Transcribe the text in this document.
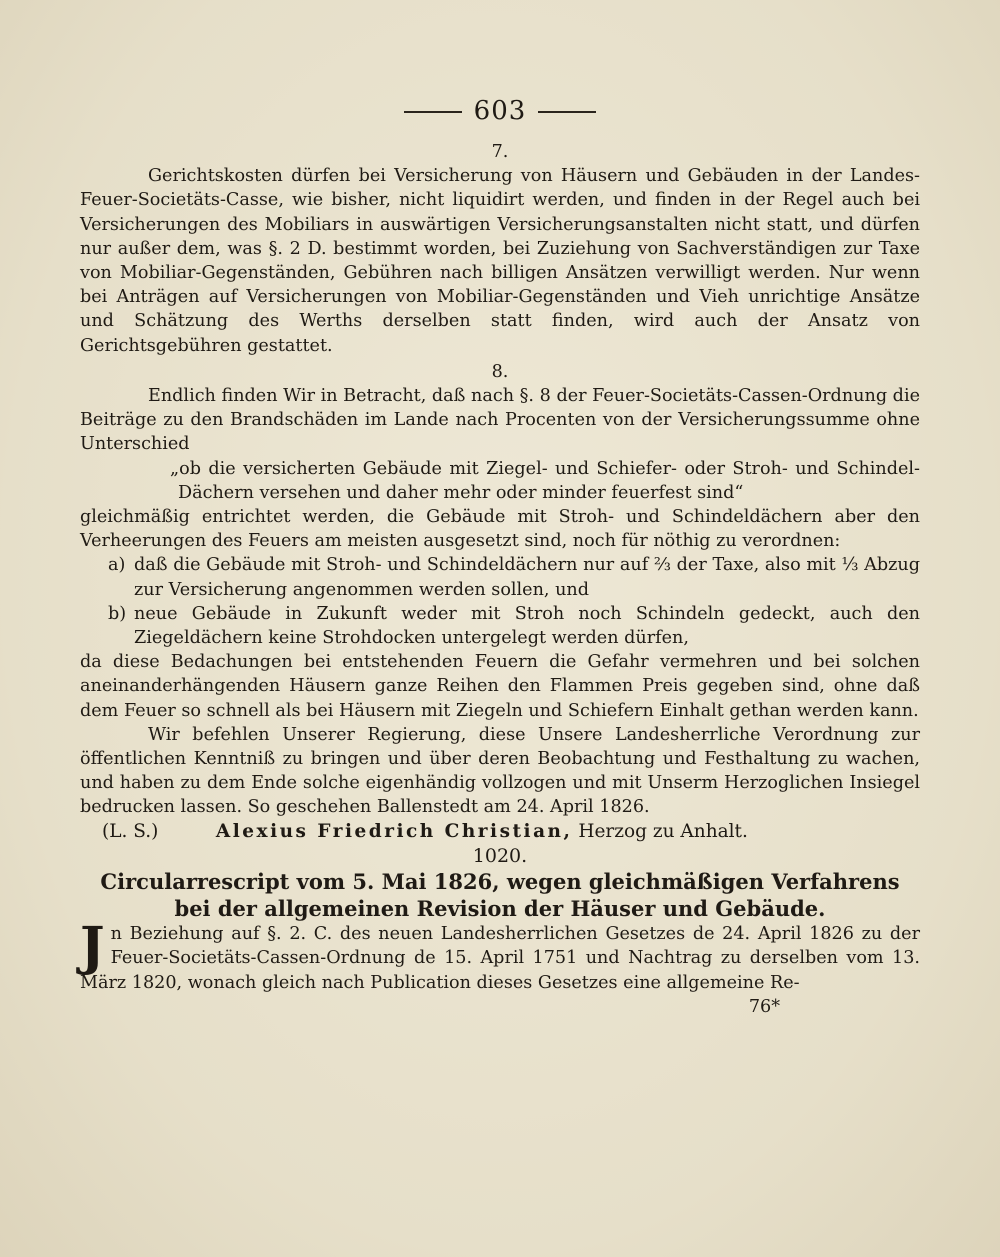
603

7.

Gerichtskosten dürfen bei Versicherung von Häusern und Gebäuden in der Landes-Feuer-Societäts-Casse, wie bisher, nicht liquidirt werden, und finden in der Regel auch bei Versicherungen des Mobiliars in auswärtigen Versicherungsanstalten nicht statt, und dürfen nur außer dem, was §. 2 D. bestimmt worden, bei Zuziehung von Sachverständigen zur Taxe von Mobiliar-Gegenständen, Gebühren nach billigen Ansätzen verwilligt werden. Nur wenn bei Anträgen auf Versicherungen von Mobiliar-Gegenständen und Vieh unrichtige Ansätze und Schätzung des Werths derselben statt finden, wird auch der Ansatz von Gerichtsgebühren gestattet.

8.

Endlich finden Wir in Betracht, daß nach §. 8 der Feuer-Societäts-Cassen-Ordnung die Beiträge zu den Brandschäden im Lande nach Procenten von der Versicherungssumme ohne Unterschied

„ob die versicherten Gebäude mit Ziegel- und Schiefer- oder Stroh- und Schindel-Dächern versehen und daher mehr oder minder feuerfest sind“

gleichmäßig entrichtet werden, die Gebäude mit Stroh- und Schindeldächern aber den Verheerungen des Feuers am meisten ausgesetzt sind, noch für nöthig zu verordnen:

a) daß die Gebäude mit Stroh- und Schindeldächern nur auf ⅔ der Taxe, also mit ⅓ Abzug zur Versicherung angenommen werden sollen, und
b) neue Gebäude in Zukunft weder mit Stroh noch Schindeln gedeckt, auch den Ziegeldächern keine Strohdocken untergelegt werden dürfen,

da diese Bedachungen bei entstehenden Feuern die Gefahr vermehren und bei solchen aneinanderhängenden Häusern ganze Reihen den Flammen Preis gegeben sind, ohne daß dem Feuer so schnell als bei Häusern mit Ziegeln und Schiefern Einhalt gethan werden kann.

Wir befehlen Unserer Regierung, diese Unsere Landesherrliche Verordnung zur öffentlichen Kenntniß zu bringen und über deren Beobachtung und Festhaltung zu wachen, und haben zu dem Ende solche eigenhändig vollzogen und mit Unserm Herzoglichen Insiegel bedrucken lassen. So geschehen Ballenstedt am 24. April 1826.

(L. S.)	Alexius Friedrich Christian, Herzog zu Anhalt.

1020.

Circularrescript vom 5. Mai 1826, wegen gleichmäßigen Verfahrens bei der allgemeinen Revision der Häuser und Gebäude.

Jn Beziehung auf §. 2. C. des neuen Landesherrlichen Gesetzes de 24. April 1826 zu der Feuer-Societäts-Cassen-Ordnung de 15. April 1751 und Nachtrag zu derselben vom 13. März 1820, wonach gleich nach Publication dieses Gesetzes eine allgemeine Re-

76*
